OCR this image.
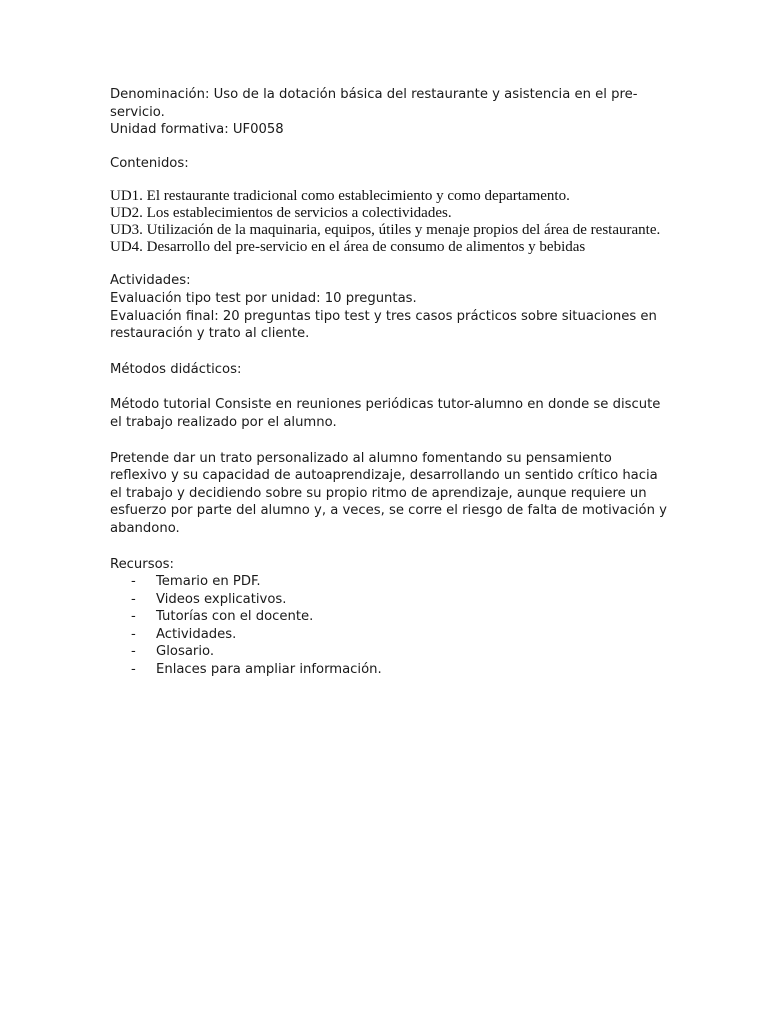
Denominación: Uso de la dotación básica del restaurante y asistencia en el pre-servicio.

Unidad formativa: UF0058

Contenidos:

UD1. El restaurante tradicional como establecimiento y como departamento.
UD2. Los establecimientos de servicios a colectividades.
UD3. Utilización de la maquinaria, equipos, útiles y menaje propios del área de restaurante.
UD4. Desarrollo del pre-servicio en el área de consumo de alimentos y bebidas

Actividades:

Evaluación tipo test por unidad: 10 preguntas.

Evaluación final: 20 preguntas tipo test y tres casos prácticos sobre situaciones en restauración y trato al cliente.

Métodos didácticos:

Método tutorial Consiste en reuniones periódicas tutor-alumno en donde se discute el trabajo realizado por el alumno.

Pretende dar un trato personalizado al alumno fomentando su pensamiento reflexivo y su capacidad de autoaprendizaje, desarrollando un sentido crítico hacia el trabajo y decidiendo sobre su propio ritmo de aprendizaje, aunque requiere un esfuerzo por parte del alumno y, a veces, se corre el riesgo de falta de motivación y abandono.

Recursos:

- Temario en PDF.
- Videos explicativos.
- Tutorías con el docente.
- Actividades.
- Glosario.
- Enlaces para ampliar información.
